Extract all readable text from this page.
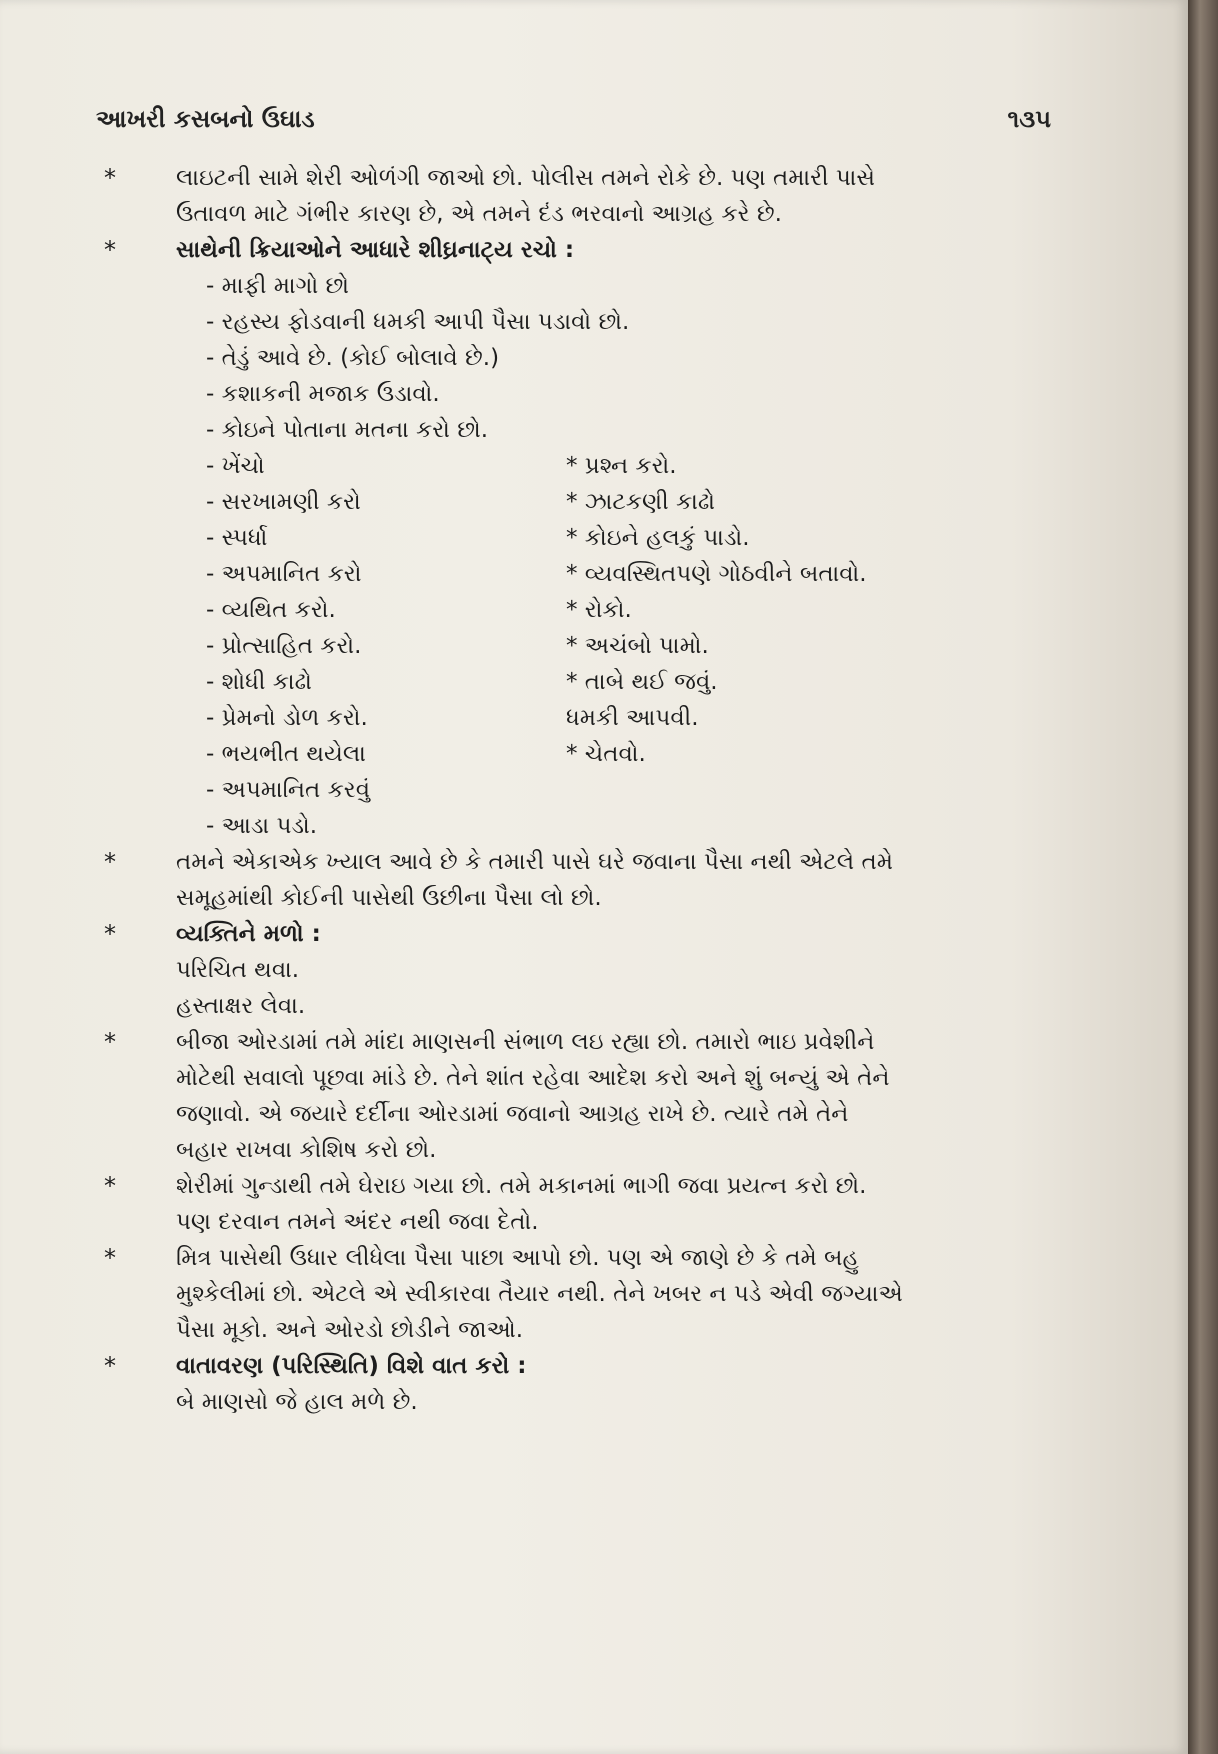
આખરી કસબનો ઉઘાડ	૧૩૫
*	લાઇટની સામે શેરી ઓળંગી જાઓ છો. પોલીસ તમને રોકે છે. પણ તમારી પાસે
ઉતાવળ માટે ગંભીર કારણ છે, એ તમને દંડ ભરવાનો આગ્રહ કરે છે.
*	સાથેની ક્રિયાઓને આધારે શીઘ્રનાટ્ય રચો :
- માફી માગો છો
- રહસ્ય ફોડવાની ધમકી આપી પૈસા પડાવો છો.
- તેડું આવે છે. (કોઈ બોલાવે છે.)
- કશાકની મજાક ઉડાવો.
- કોઇને પોતાના મતના કરો છો.
- ખેંચો	* પ્રશ્ન કરો.
- સરખામણી કરો	* ઝાટકણી કાઢો
- સ્પર્ધા	* કોઇને હલકું પાડો.
- અપમાનિત કરો	* વ્યવસ્થિતપણે ગોઠવીને બતાવો.
- વ્યથિત કરો.	* રોકો.
- પ્રોત્સાહિત કરો.	* અચંબો પામો.
- શોધી કાઢો	* તાબે થઈ જવું.
- પ્રેમનો ડોળ કરો.	ધમકી આપવી.
- ભયભીત થયેલા	* ચેતવો.
- અપમાનિત કરવું
- આડા પડો.
*	તમને એકાએક ખ્યાલ આવે છે કે તમારી પાસે ઘરે જવાના પૈસા નથી એટલે તમે
સમૂહમાંથી કોઈની પાસેથી ઉછીના પૈસા લો છો.
*	વ્યક્તિને મળો :
પરિચિત થવા.
હસ્તાક્ષર લેવા.
*	બીજા ઓરડામાં તમે માંદા માણસની સંભાળ લઇ રહ્યા છો. તમારો ભાઇ પ્રવેશીને
મોટેથી સવાલો પૂછવા માંડે છે. તેને શાંત રહેવા આદેશ કરો અને શું બન્યું એ તેને
જણાવો. એ જયારે દર્દીના ઓરડામાં જવાનો આગ્રહ રાખે છે. ત્યારે તમે તેને
બહાર રાખવા કોશિષ કરો છો.
*	શેરીમાં ગુન્ડાથી તમે ઘેરાઇ ગયા છો. તમે મકાનમાં ભાગી જવા પ્રયત્ન કરો છો.
પણ દરવાન તમને અંદર નથી જવા દેતો.
*	મિત્ર પાસેથી ઉધાર લીધેલા પૈસા પાછા આપો છો. પણ એ જાણે છે કે તમે બહુ
મુશ્કેલીમાં છો. એટલે એ સ્વીકારવા તૈયાર નથી. તેને ખબર ન પડે એવી જગ્યાએ
પૈસા મૂકો. અને ઓરડો છોડીને જાઓ.
*	વાતાવરણ (પરિસ્થિતિ) વિશે વાત કરો :
બે માણસો જે હાલ મળે છે.
